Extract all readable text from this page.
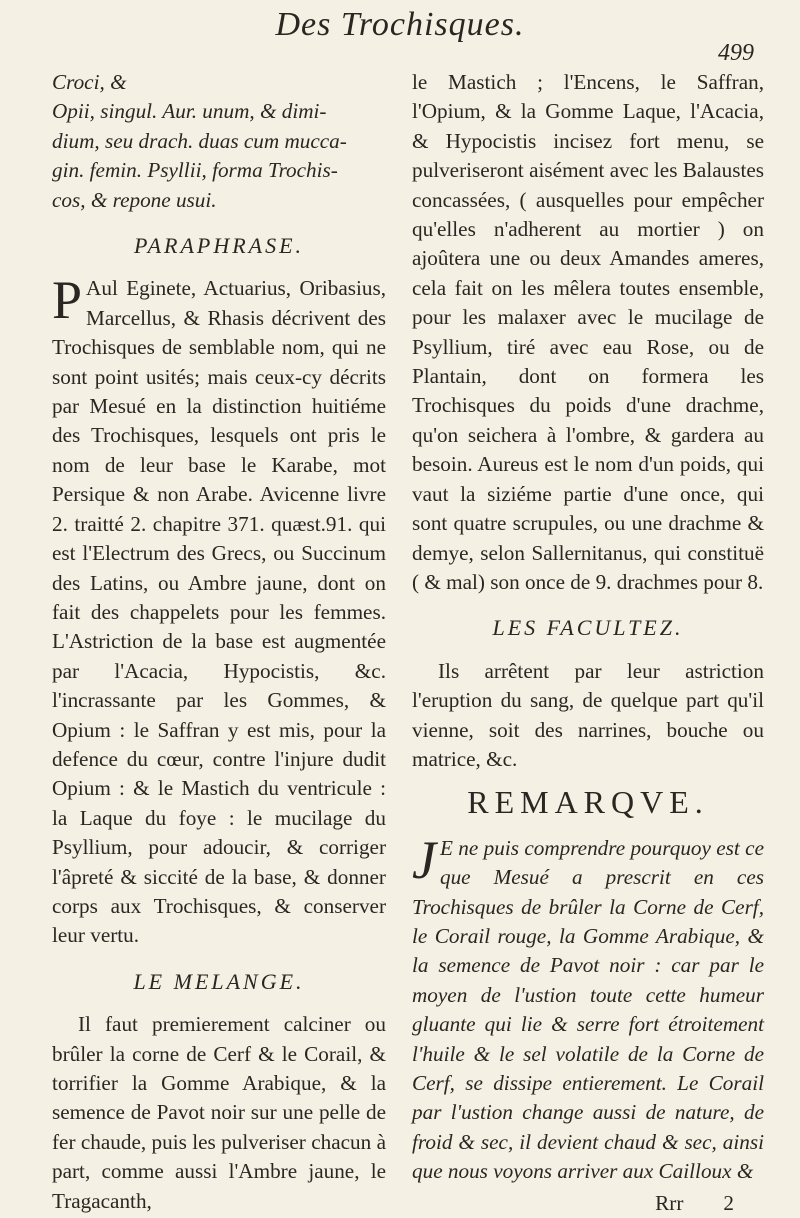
Des Trochisques.
499

Croci, &

Opii, singul. Aur. unum, & dimi-

dium, seu drach. duas cum mucca-

gin. femin. Psyllii, forma Trochis-

cos, & repone usui.

PARAPHRASE.

P Aul Eginete, Actuarius, Oribasius, Marcellus, & Rhasis décrivent des Trochisques de semblable nom, qui ne sont point usités; mais ceux-cy décrits par Mesué en la distinction huitiéme des Trochisques, lesquels ont pris le nom de leur base le Karabe, mot Persique & non Arabe. Avicenne livre 2. traitté 2. chapitre 371. quæst.91. qui est l'Electrum des Grecs, ou Succinum des Latins, ou Ambre jaune, dont on fait des chappelets pour les femmes. L'Astriction de la base est augmentée par l'Acacia, Hypocistis, &c. l'incrassante par les Gommes, & Opium : le Saffran y est mis, pour la defence du cœur, contre l'injure dudit Opium : & le Mastich du ventricule : la Laque du foye : le mucilage du Psyllium, pour adoucir, & corriger l'âpreté & siccité de la base, & donner corps aux Trochisques, & conserver leur vertu.

LE MELANGE.

Il faut premierement calciner ou brûler la corne de Cerf & le Corail, & torrifier la Gomme Arabique, & la semence de Pavot noir sur une pelle de fer chaude, puis les pulveriser chacun à part, comme aussi l'Ambre jaune, le Tragacanth,

le Mastich ; l'Encens, le Saffran, l'Opium, & la Gomme Laque, l'Acacia, & Hypocistis incisez fort menu, se pulveriseront aisément avec les Balaustes concassées, ( ausquelles pour empêcher qu'elles n'adherent au mortier ) on ajoûtera une ou deux Amandes ameres, cela fait on les mêlera toutes ensemble, pour les malaxer avec le mucilage de Psyllium, tiré avec eau Rose, ou de Plantain, dont on formera les Trochisques du poids d'une drachme, qu'on seichera à l'ombre, & gardera au besoin. Aureus est le nom d'un poids, qui vaut la siziéme partie d'une once, qui sont quatre scrupules, ou une drachme & demye, selon Sallernitanus, qui constituë ( & mal) son once de 9. drachmes pour 8.

LES FACULTEZ.

Ils arrêtent par leur astriction l'eruption du sang, de quelque part qu'il vienne, soit des narrines, bouche ou matrice, &c.

REMARQVE.

J E ne puis comprendre pourquoy est ce que Mesué a prescrit en ces Trochisques de brûler la Corne de Cerf, le Corail rouge, la Gomme Arabique, & la semence de Pavot noir : car par le moyen de l'ustion toute cette humeur gluante qui lie & serre fort étroitement l'huile & le sel volatile de la Corne de Cerf, se dissipe entierement. Le Corail par l'ustion change aussi de nature, de froid & sec, il devient chaud & sec, ainsi que nous voyons arriver aux Cailloux &

Rrr 2
